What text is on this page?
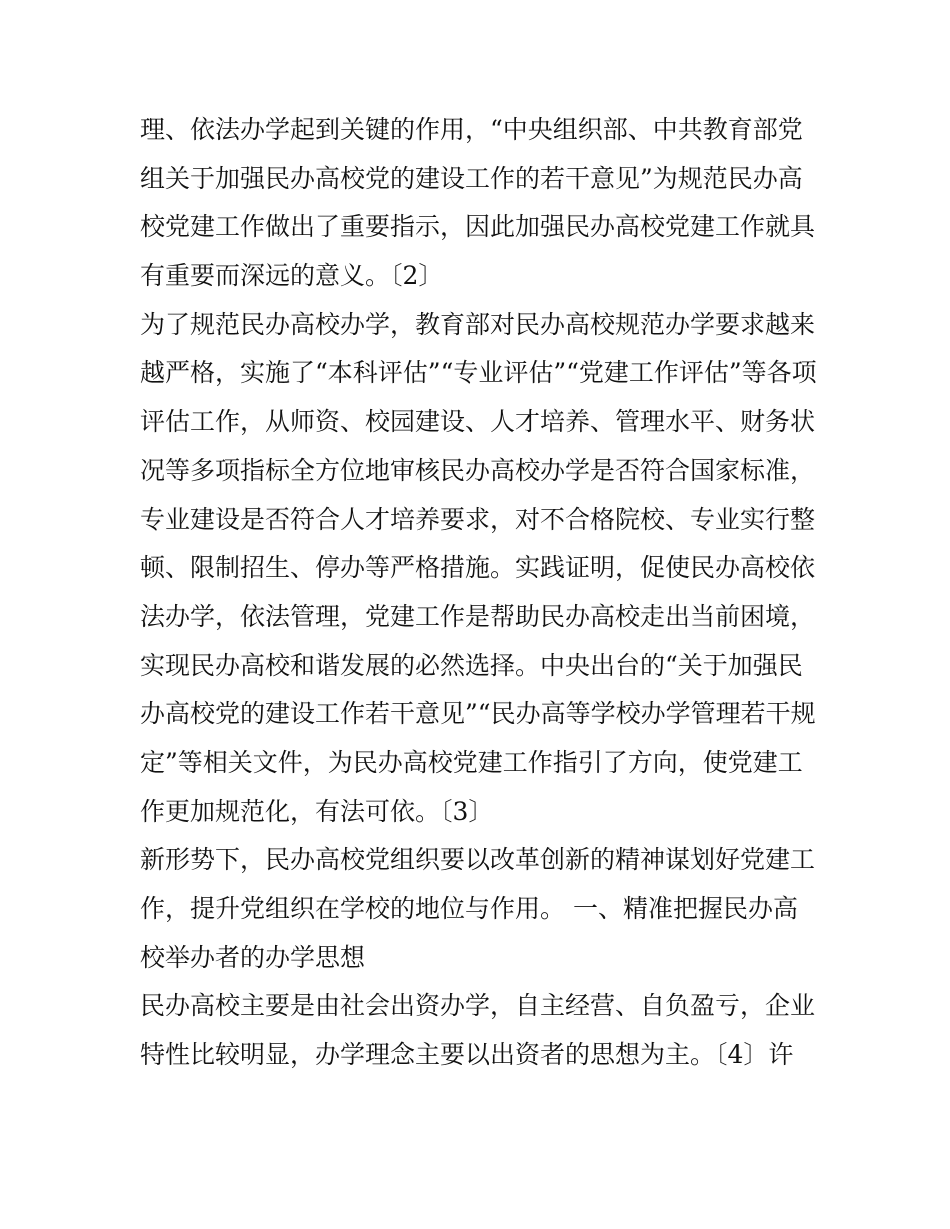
理、依法办学起到关键的作用，“中央组织部、中共教育部党
组关于加强民办高校党的建设工作的若干意见”为规范民办高
校党建工作做出了重要指示，因此加强民办高校党建工作就具
有重要而深远的意义。〔2〕
为了规范民办高校办学，教育部对民办高校规范办学要求越来
越严格，实施了“本科评估”“专业评估”“党建工作评估”等各项
评估工作，从师资、校园建设、人才培养、管理水平、财务状
况等多项指标全方位地审核民办高校办学是否符合国家标准，
专业建设是否符合人才培养要求，对不合格院校、专业实行整
顿、限制招生、停办等严格措施。实践证明，促使民办高校依
法办学，依法管理，党建工作是帮助民办高校走出当前困境，
实现民办高校和谐发展的必然选择。中央出台的“关于加强民
办高校党的建设工作若干意见”“民办高等学校办学管理若干规
定”等相关文件，为民办高校党建工作指引了方向，使党建工
作更加规范化，有法可依。〔3〕
新形势下，民办高校党组织要以改革创新的精神谋划好党建工
作，提升党组织在学校的地位与作用。 一、精准把握民办高
校举办者的办学思想
民办高校主要是由社会出资办学，自主经营、自负盈亏，企业
特性比较明显，办学理念主要以出资者的思想为主。〔4〕许
